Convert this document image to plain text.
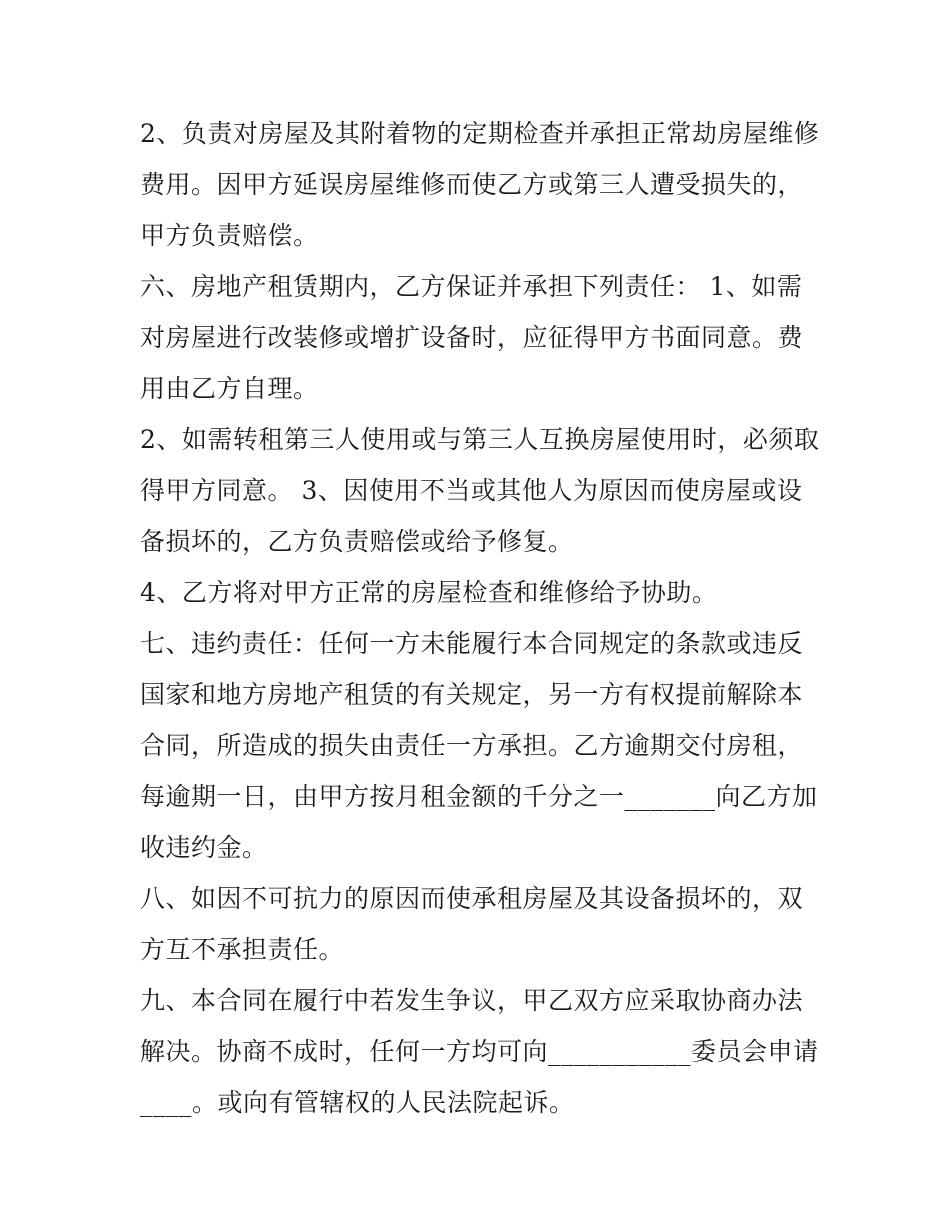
2、负责对房屋及其附着物的定期检查并承担正常劫房屋维修费用。因甲方延误房屋维修而使乙方或第三人遭受损失的，甲方负责赔偿。

六、房地产租赁期内，乙方保证并承担下列责任： 1、如需对房屋进行改装修或增扩设备时，应征得甲方书面同意。费用由乙方自理。

2、如需转租第三人使用或与第三人互换房屋使用时，必须取得甲方同意。 3、因使用不当或其他人为原因而使房屋或设备损坏的，乙方负责赔偿或给予修复。

4、乙方将对甲方正常的房屋检查和维修给予协助。

七、违约责任：任何一方未能履行本合同规定的条款或违反国家和地方房地产租赁的有关规定，另一方有权提前解除本合同，所造成的损失由责任一方承担。乙方逾期交付房租，每逾期一日，由甲方按月租金额的千分之一_______向乙方加收违约金。

八、如因不可抗力的原因而使承租房屋及其设备损坏的，双方互不承担责任。

九、本合同在履行中若发生争议，甲乙双方应采取协商办法解决。协商不成时，任何一方均可向___________委员会申请____。或向有管辖权的人民法院起诉。
